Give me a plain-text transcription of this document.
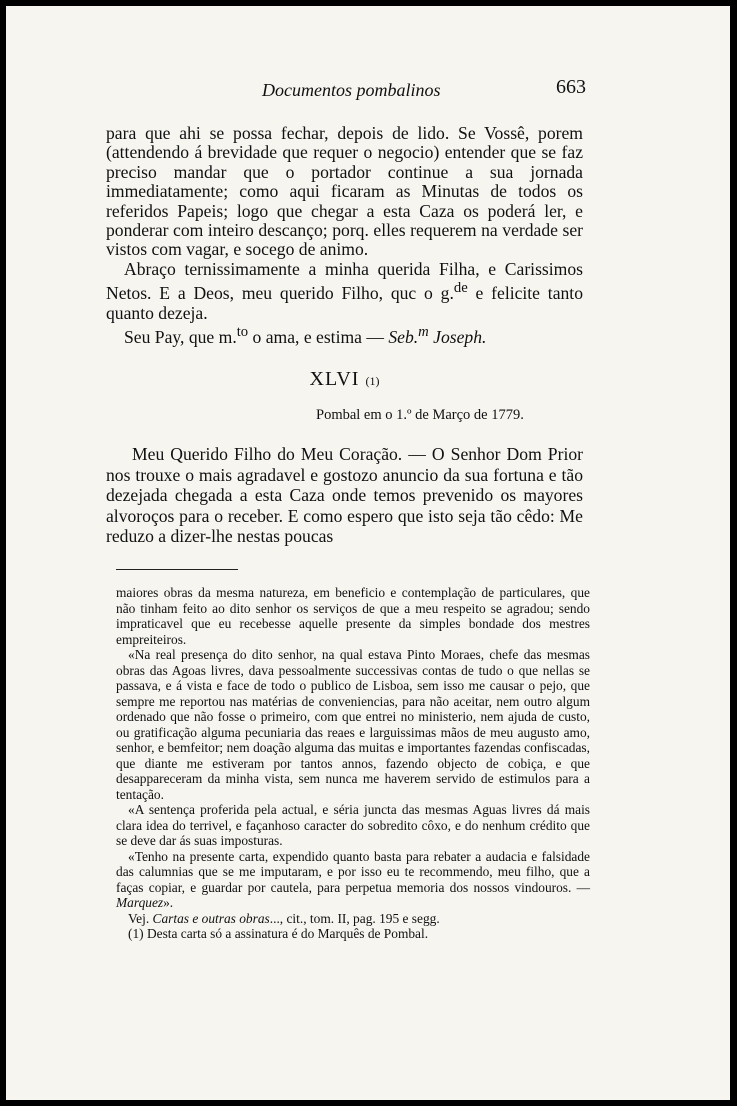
Documentos pombalinos	663

para que ahi se possa fechar, depois de lido. Se Vossê, porem (attendendo á brevidade que requer o negocio) entender que se faz preciso mandar que o portador continue a sua jornada immediatamente; como aqui ficaram as Minutas de todos os referidos Papeis; logo que chegar a esta Caza os poderá ler, e ponderar com inteiro descanço; porq. elles requerem na verdade ser vistos com vagar, e socego de animo.

Abraço ternissimamente a minha querida Filha, e Carissimos Netos. E a Deos, meu querido Filho, quc o g.$^{de}$ e felicite tanto quanto dezeja.

Seu Pay, que m.$^{to}$ o ama, e estima — Seb.$^m$ Joseph.

XLVI (1)
Pombal em o 1.º de Março de 1779.

Meu Querido Filho do Meu Coração. — O Senhor Dom Prior nos trouxe o mais agradavel e gostozo anuncio da sua fortuna e tão dezejada chegada a esta Caza onde temos prevenido os mayores alvoroços para o receber. E como espero que isto seja tão cêdo: Me reduzo a dizer-lhe nestas poucas

maiores obras da mesma natureza, em beneficio e contemplação de particulares, que não tinham feito ao dito senhor os serviços de que a meu respeito se agradou; sendo impraticavel que eu recebesse aquelle presente da simples bondade dos mestres empreiteiros.

«Na real presença do dito senhor, na qual estava Pinto Moraes, chefe das mesmas obras das Agoas livres, dava pessoalmente successivas contas de tudo o que nellas se passava, e á vista e face de todo o publico de Lisboa, sem isso me causar o pejo, que sempre me reportou nas matérias de conveniencias, para não aceitar, nem outro algum ordenado que não fosse o primeiro, com que entrei no ministerio, nem ajuda de custo, ou gratificação alguma pecuniaria das reaes e larguissimas mãos de meu augusto amo, senhor, e bemfeitor; nem doação alguma das muitas e importantes fazendas confiscadas, que diante me estiveram por tantos annos, fazendo objecto de cobiça, e que desappareceram da minha vista, sem nunca me haverem servido de estimulos para a tentação.

«A sentença proferida pela actual, e séria juncta das mesmas Aguas livres dá mais clara idea do terrivel, e façanhoso caracter do sobredito côxo, e do nenhum crédito que se deve dar ás suas imposturas.

«Tenho na presente carta, expendido quanto basta para rebater a audacia e falsidade das calumnias que se me imputaram, e por isso eu te recommendo, meu filho, que a faças copiar, e guardar por cautela, para perpetua memoria dos nossos vindouros. — Marquez».

Vej. Cartas e outras obras..., cit., tom. II, pag. 195 e segg.

(1) Desta carta só a assinatura é do Marquês de Pombal.
